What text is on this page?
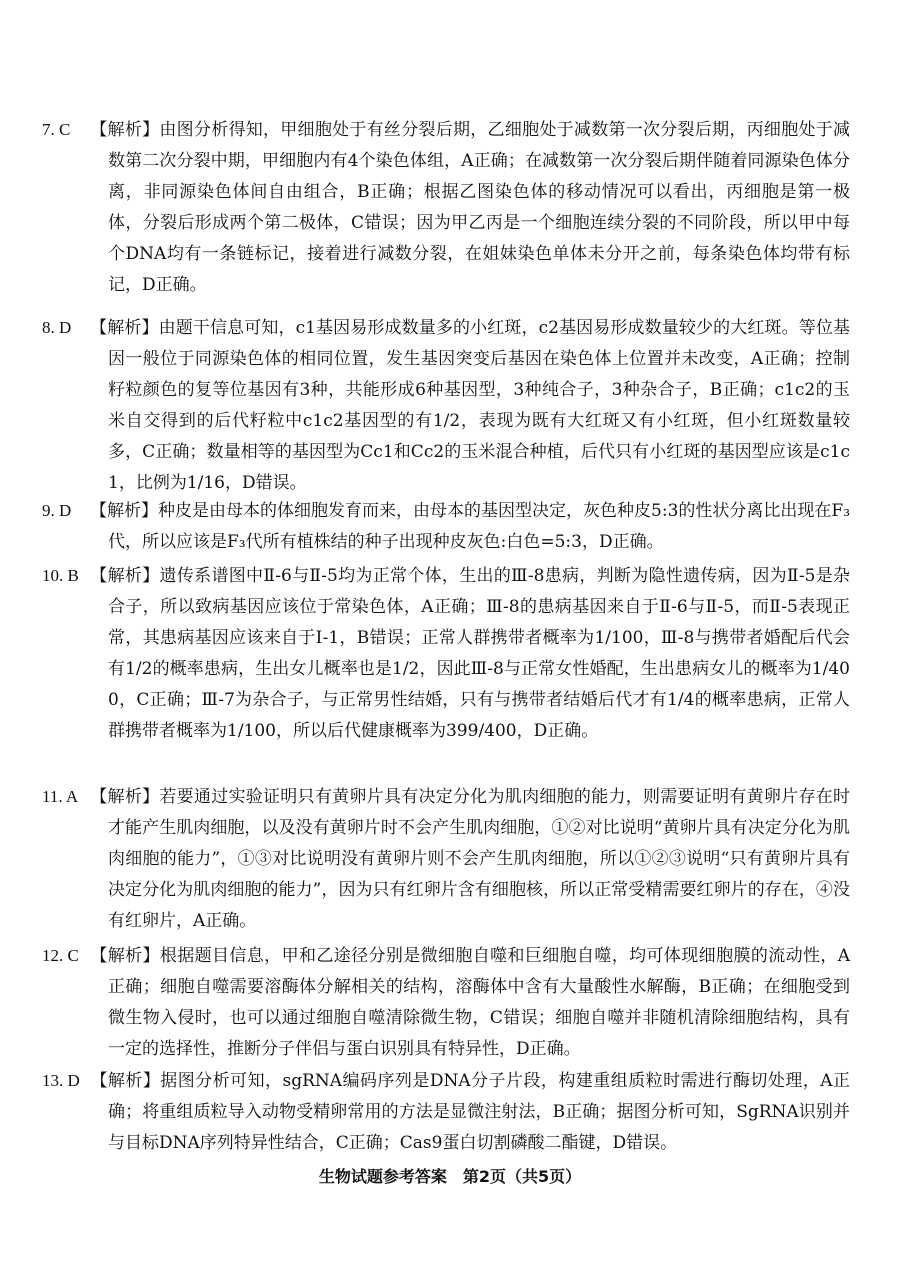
7. C 【解析】由图分析得知，甲细胞处于有丝分裂后期，乙细胞处于减数第一次分裂后期，丙细胞处于减数第二次分裂中期，甲细胞内有4个染色体组，A正确；在减数第一次分裂后期伴随着同源染色体分离，非同源染色体间自由组合，B正确；根据乙图染色体的移动情况可以看出，丙细胞是第一极体，分裂后形成两个第二极体，C错误；因为甲乙丙是一个细胞连续分裂的不同阶段，所以甲中每个DNA均有一条链标记，接着进行减数分裂，在姐妹染色单体未分开之前，每条染色体均带有标记，D正确。
8. D 【解析】由题干信息可知，c1基因易形成数量多的小红斑，c2基因易形成数量较少的大红斑。等位基因一般位于同源染色体的相同位置，发生基因突变后基因在染色体上位置并未改变，A正确；控制籽粒颜色的复等位基因有3种，共能形成6种基因型，3种纯合子，3种杂合子，B正确；c1c2的玉米自交得到的后代籽粒中c1c2基因型的有1/2，表现为既有大红斑又有小红斑，但小红斑数量较多，C正确；数量相等的基因型为Cc1和Cc2的玉米混合种植，后代只有小红斑的基因型应该是c1c1，比例为1/16，D错误。
9. D 【解析】种皮是由母本的体细胞发育而来，由母本的基因型决定，灰色种皮5:3的性状分离比出现在F₃代，所以应该是F₃代所有植株结的种子出现种皮灰色:白色=5:3，D正确。
10. B 【解析】遗传系谱图中Ⅱ-6与Ⅱ-5均为正常个体，生出的Ⅲ-8患病，判断为隐性遗传病，因为Ⅱ-5是杂合子，所以致病基因应该位于常染色体，A正确；Ⅲ-8的患病基因来自于Ⅱ-6与Ⅱ-5，而Ⅱ-5表现正常，其患病基因应该来自于Ⅰ-1，B错误；正常人群携带者概率为1/100，Ⅲ-8与携带者婚配后代会有1/2的概率患病，生出女儿概率也是1/2，因此Ⅲ-8与正常女性婚配，生出患病女儿的概率为1/400，C正确；Ⅲ-7为杂合子，与正常男性结婚，只有与携带者结婚后代才有1/4的概率患病，正常人群携带者概率为1/100，所以后代健康概率为399/400，D正确。
11. A 【解析】若要通过实验证明只有黄卵片具有决定分化为肌肉细胞的能力，则需要证明有黄卵片存在时才能产生肌肉细胞，以及没有黄卵片时不会产生肌肉细胞，①②对比说明“黄卵片具有决定分化为肌肉细胞的能力”，①③对比说明没有黄卵片则不会产生肌肉细胞，所以①②③说明“只有黄卵片具有决定分化为肌肉细胞的能力”，因为只有红卵片含有细胞核，所以正常受精需要红卵片的存在，④没有红卵片，A正确。
12. C 【解析】根据题目信息，甲和乙途径分别是微细胞自噬和巨细胞自噬，均可体现细胞膜的流动性，A正确；细胞自噬需要溶酶体分解相关的结构，溶酶体中含有大量酸性水解酶，B正确；在细胞受到微生物入侵时，也可以通过细胞自噬清除微生物，C错误；细胞自噬并非随机清除细胞结构，具有一定的选择性，推断分子伴侣与蛋白识别具有特异性，D正确。
13. D 【解析】据图分析可知，sgRNA编码序列是DNA分子片段，构建重组质粒时需进行酶切处理，A正确；将重组质粒导入动物受精卵常用的方法是显微注射法，B正确；据图分析可知，SgRNA识别并与目标DNA序列特异性结合，C正确；Cas9蛋白切割磷酸二酯键，D错误。
生物试题参考答案　第2页（共5页）
